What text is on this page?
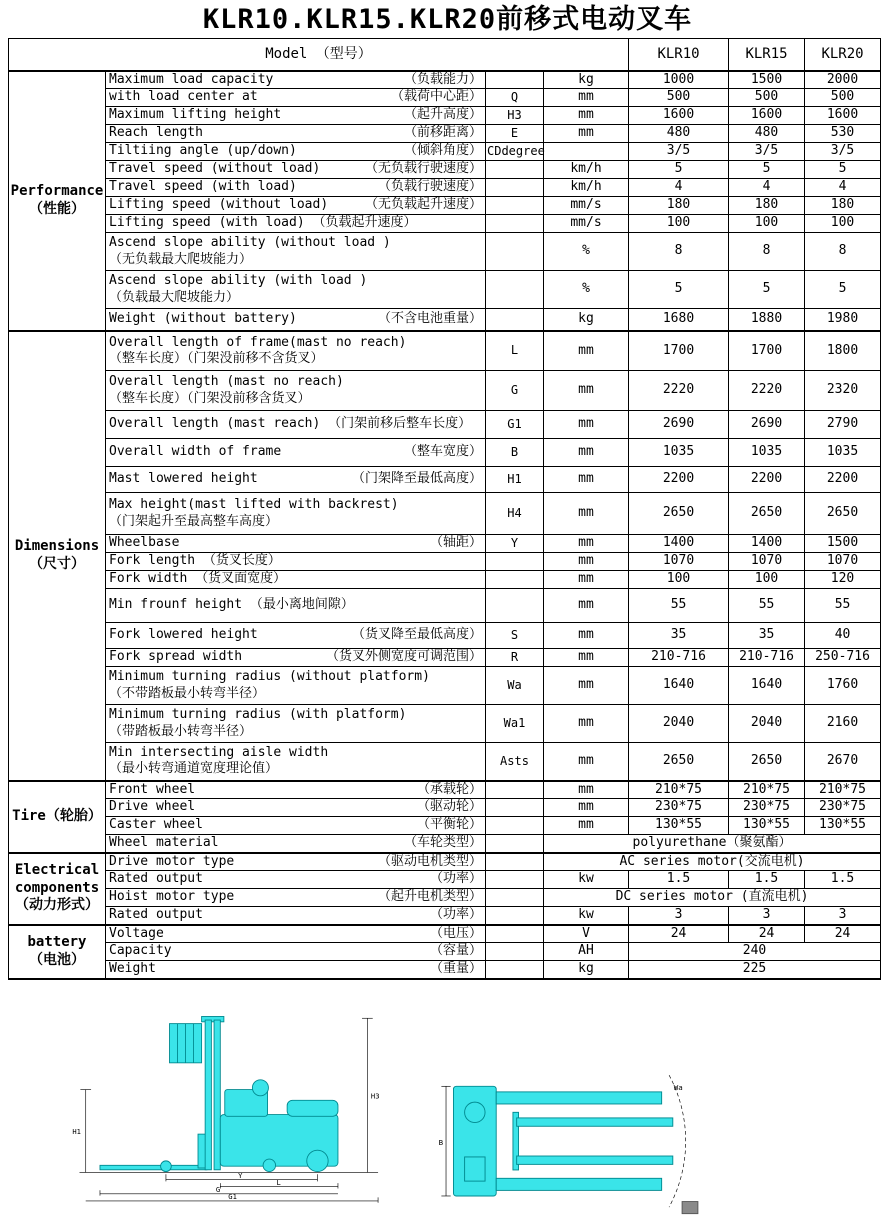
KLR10.KLR15.KLR20前移式电动叉车
Model （型号）				KLR10	KLR15	KLR20

Performance
（性能）

Maximum load capacity	（负载能力）		kg	1000	1500	2000

	with load center at （载荷中心距）	Q	mm	500	500	500

	Maximum lifting height （起升高度）	H3	mm	1600	1600	1600

	Reach length （前移距离）	E	mm	480	480	530

	Tiltiing angle (up/down) （倾斜角度）	CDdegree		3/5	3/5	3/5

	Travel speed (without load) （无负载行驶速度）		km/h	5	5	5

	Travel speed (with load) （负载行驶速度）		km/h	4	4	4

	Lifting speed (without load) （无负载起升速度）		mm/s	180	180	180

	Lifting speed (with load) （负载起升速度）		mm/s	100	100	100

	Ascend slope ability (without load )
（无负载最大爬坡能力）		%	8	8	8

	Ascend slope ability (with load )
（负载最大爬坡能力）		%	5	5	5

	Weight (without battery) （不含电池重量）		kg	1680	1880	1980

Dimensions
（尺寸）

Overall length of frame(mast no reach)
（整车长度）（门架没前移不含货叉）
	L	mm	1700	1700	1800

	Overall length (mast no reach)
（整车长度）（门架没前移含货叉）	G	mm	2220	2220	2320

	Overall length (mast reach) （门架前移后整车长度）	G1	mm	2690	2690	2790

	Overall width of frame （整车宽度）	B	mm	1035	1035	1035

	Mast lowered height （门架降至最低高度）	H1	mm	2200	2200	2200

	Max height(mast lifted with backrest)
（门架起升至最高整车高度）	H4	mm	2650	2650	2650

	Wheelbase （轴距）	Y	mm	1400	1400	1500

	Fork length （货叉长度）		mm	1070	1070	1070

	Fork width （货叉面宽度）		mm	100	100	120

	Min frounf height （最小离地间隙）		mm	55	55	55

	Fork lowered height （货叉降至最低高度）	S	mm	35	35	40

	Fork spread width （货叉外侧宽度可调范围）	R	mm	210-716	210-716	250-716

	Minimum turning radius (without platform)
（不带踏板最小转弯半径）	Wa	mm	1640	1640	1760

	Minimum turning radius (with platform)
（带踏板最小转弯半径）	Wa1	mm	2040	2040	2160

	Min intersecting aisle width
（最小转弯通道宽度理论值）	Asts	mm	2650	2650	2670

Tire（轮胎）	Front wheel （承载轮）		mm	210*75	210*75	210*75

	Drive wheel （驱动轮）		mm	230*75	230*75	230*75

	Caster wheel （平衡轮）		mm	130*55	130*55	130*55

	Wheel material （车轮类型）		polyurethane（聚氨酯）			

Electrical
components
（动力形式）

Drive motor type	（驱动电机类型）		AC series motor(交流电机)

	Rated output （功率）		kw	1.5	1.5	1.5

	Hoist motor type （起升电机类型）		DC series motor (直流电机)			

	Rated output （功率）		kw	3	3	3

battery
（电池）

Voltage	（电压）		V	24	24	24

	Capacity （容量）		AH	240		

	Weight （重量）		kg	225		
H3
H1
Y
L
G
G1
B
Wa
